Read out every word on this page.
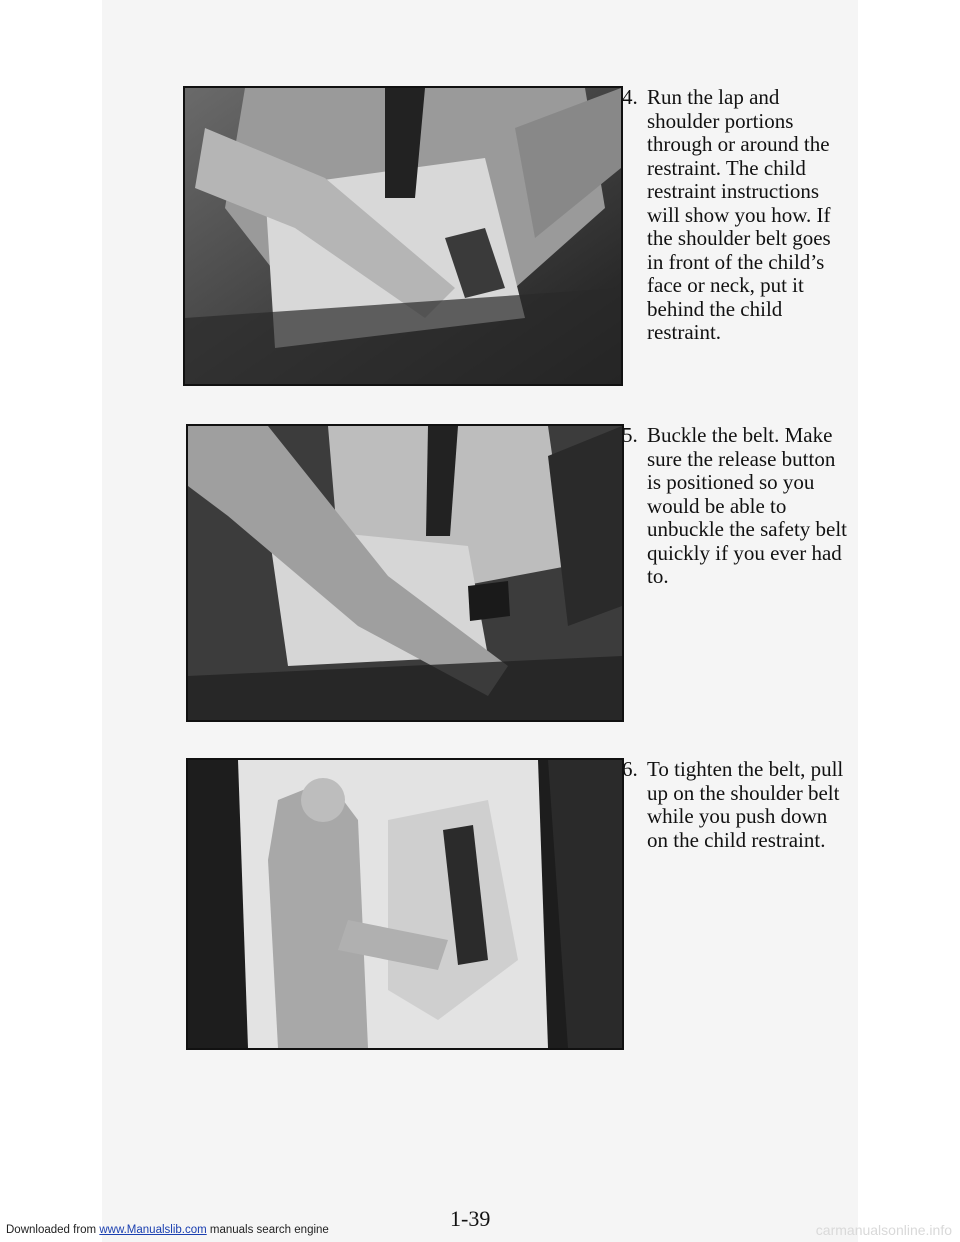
4. Run the lap and shoulder portions through or around the restraint. The child restraint instructions will show you how. If the shoulder belt goes in front of the child’s face or neck, put it behind the child restraint.
5. Buckle the belt. Make sure the release button is positioned so you would be able to unbuckle the safety belt quickly if you ever had to.
6. To tighten the belt, pull up on the shoulder belt while you push down on the child restraint.
1-39
Downloaded from www.Manualslib.com manuals search engine	carmanualsonline.info
